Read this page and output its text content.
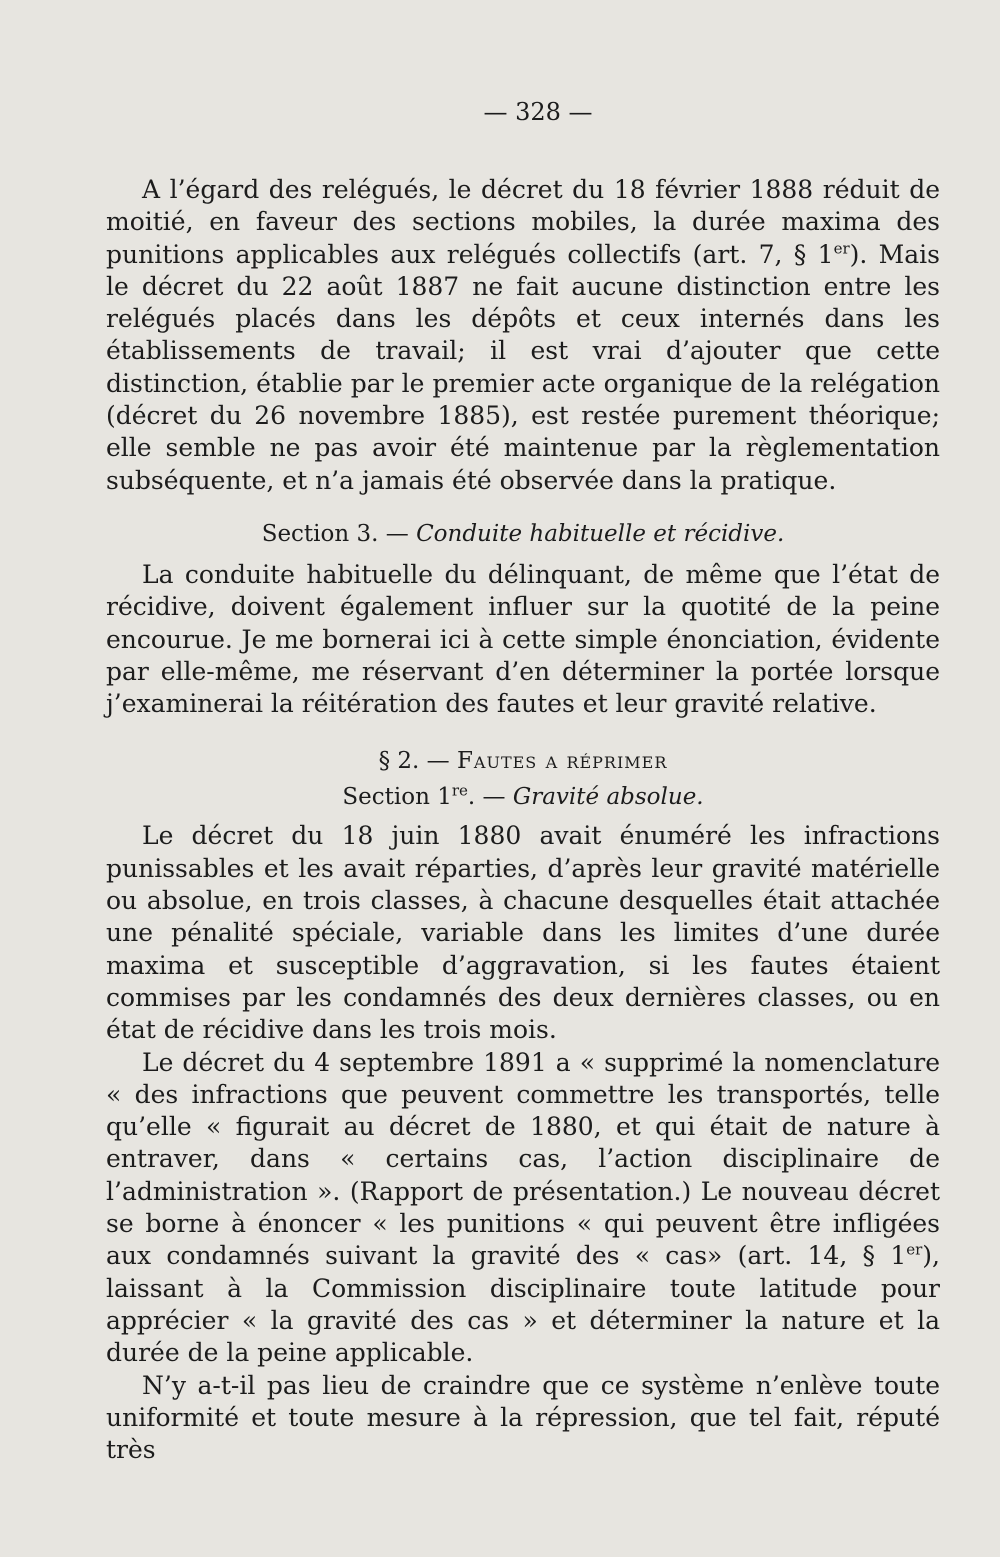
— 328 —

A l’égard des relégués, le décret du 18 février 1888 réduit de moitié, en faveur des sections mobiles, la durée maxima des punitions applicables aux relégués collectifs (art. 7, § 1er). Mais le décret du 22 août 1887 ne fait aucune distinction entre les relégués placés dans les dépôts et ceux internés dans les établissements de travail; il est vrai d’ajouter que cette distinction, établie par le premier acte organique de la relégation (décret du 26 novembre 1885), est restée purement théorique; elle semble ne pas avoir été maintenue par la règlementation subséquente, et n’a jamais été observée dans la pratique.

Section 3. — Conduite habituelle et récidive.

La conduite habituelle du délinquant, de même que l’état de récidive, doivent également influer sur la quotité de la peine encourue. Je me bornerai ici à cette simple énonciation, évidente par elle-même, me réservant d’en déterminer la portée lorsque j’examinerai la réitération des fautes et leur gravité relative.

§ 2. — Fautes a réprimer
Section 1re. — Gravité absolue.

Le décret du 18 juin 1880 avait énuméré les infractions punissables et les avait réparties, d’après leur gravité matérielle ou absolue, en trois classes, à chacune desquelles était attachée une pénalité spéciale, variable dans les limites d’une durée maxima et susceptible d’aggravation, si les fautes étaient commises par les condamnés des deux dernières classes, ou en état de récidive dans les trois mois.

Le décret du 4 septembre 1891 a « supprimé la nomenclature « des infractions que peuvent commettre les transportés, telle qu’elle « figurait au décret de 1880, et qui était de nature à entraver, dans « certains cas, l’action disciplinaire de l’administration ». (Rapport de présentation.) Le nouveau décret se borne à énoncer « les punitions « qui peuvent être infligées aux condamnés suivant la gravité des « cas» (art. 14, § 1er), laissant à la Commission disciplinaire toute latitude pour apprécier « la gravité des cas » et déterminer la nature et la durée de la peine applicable.

N’y a-t-il pas lieu de craindre que ce système n’enlève toute uniformité et toute mesure à la répression, que tel fait, réputé très
